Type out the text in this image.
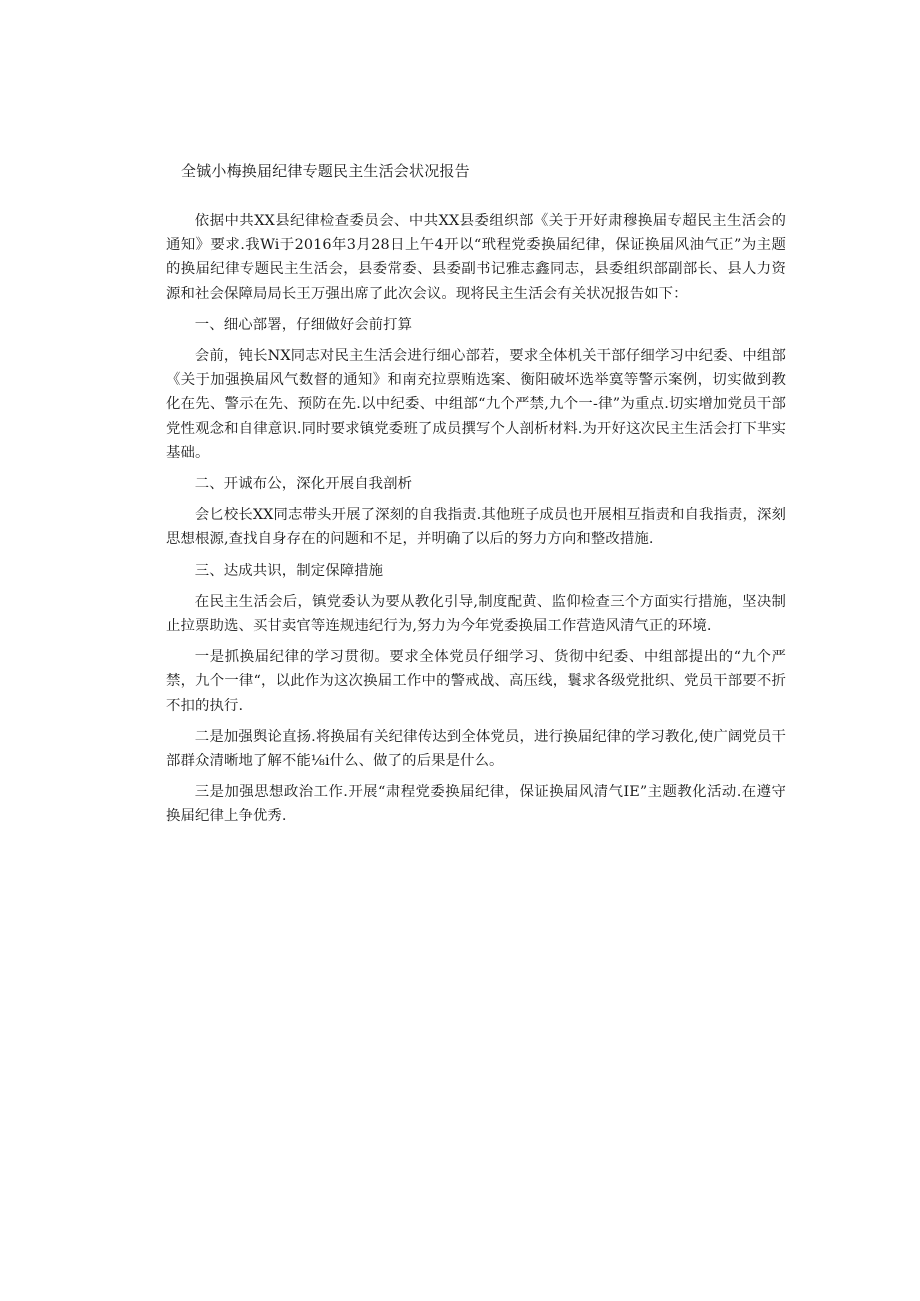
全铖小梅换届纪律专题民主生活会状况报告

依据中共XX县纪律检查委员会、中共XX县委组织部《关于开好肃穆换届专超民主生活会的通知》要求.我Wi于2016年3月28日上午4开以“玳程党委换届纪律，保证换届风油气正”为主题的换届纪律专题民主生活会，县委常委、县委副书记雅志鑫同志，县委组织部副部长、县人力资源和社会保障局局长王万强出席了此次会议。现将民主生活会有关状况报告如下：

一、细心部署，仔细做好会前打算

会前，钝长NX同志对民主生活会进行细心部若，要求全体机关干部仔细学习中纪委、中组部《关于加强换届风气数督的通知》和南充拉票贿选案、衡阳破坏选举寞等警示案例，切实做到教化在先、警示在先、预防在先.以中纪委、中组部“九个严禁,九个一-律”为重点.切实增加党员干部党性观念和自律意识.同时要求镇党委班了成员撰写个人剖析材料.为开好这次民主生活会打下芈实基础。

二、开诚布公，深化开展自我剖析

会匕校长XX同志带头开展了深刻的自我指责.其他班子成员也开展相互指责和自我指责，深刻思想根源,查找自身存在的问题和不足，并明确了以后的努力方向和整改措施.

三、达成共识，制定保障措施

在民主生活会后，镇党委认为要从教化引导,制度配黄、监仰检查三个方面实行措施，坚决制止拉票助选、买甘卖官等连规违纪行为,努力为今年党委换届工作营造风清气正的环境.

一是抓换届纪律的学习贯彻。要求全体党员仔细学习、货彻中纪委、中组部提出的“九个严禁，九个一律“，以此作为这次换届工作中的警戒战、高压线，鬟求各级党批织、党员干部要不折不扣的执行.

二是加强舆论直扬.将换届有关纪律传达到全体党员，进行换届纪律的学习教化,使广阔党员干部群众清晰地了解不能⅛i什么、做了的后果是什么。

三是加强思想政治工作.开展“肃程党委换届纪律，保证换届风清气IE”主题教化活动.在遵守换届纪律上争优秀.
